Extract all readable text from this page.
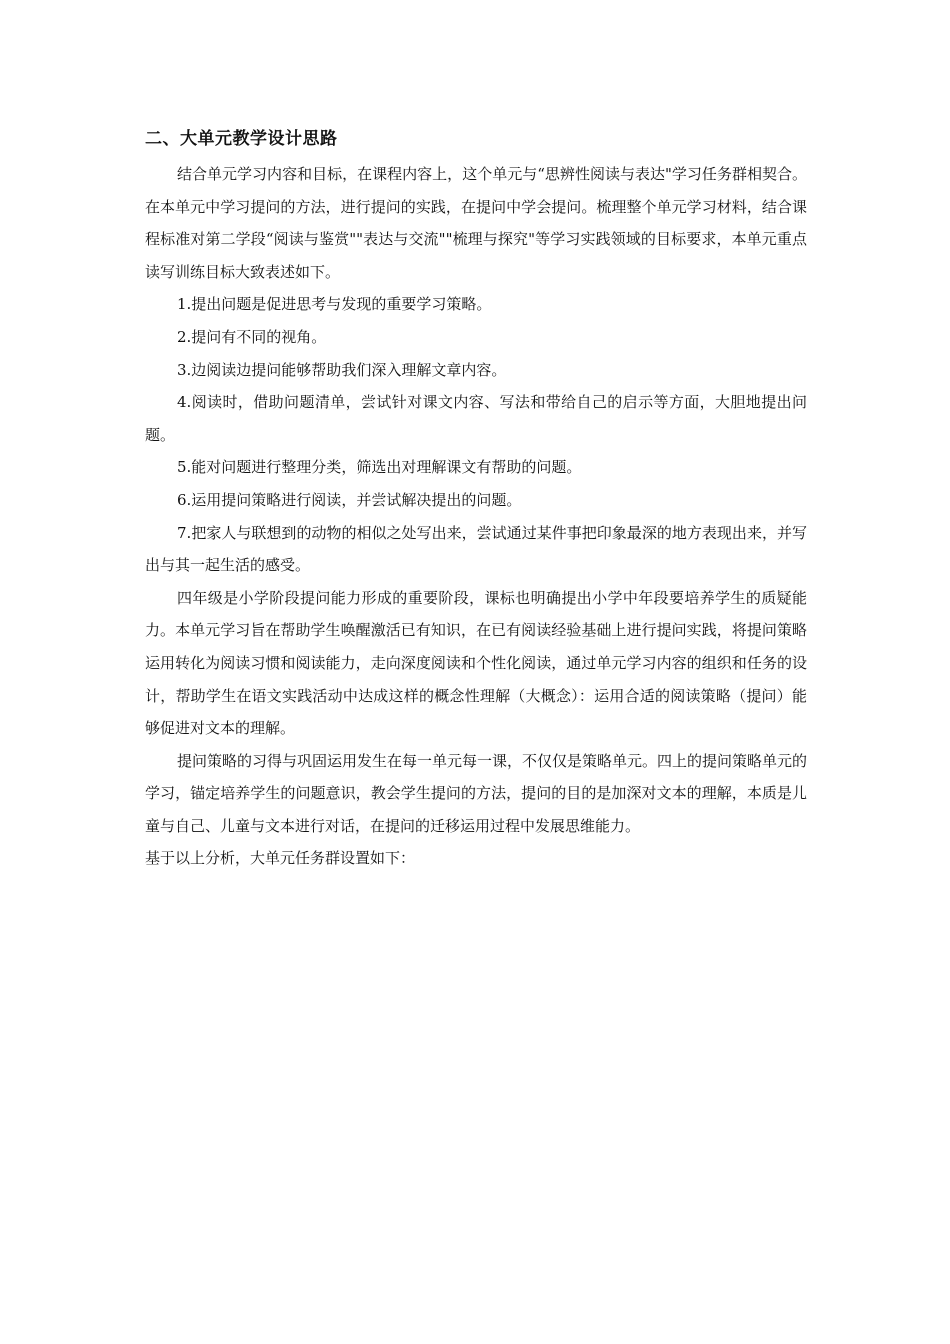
二、大单元教学设计思路

结合单元学习内容和目标，在课程内容上，这个单元与“思辨性阅读与表达"学习任务群相契合。在本单元中学习提问的方法，进行提问的实践，在提问中学会提问。梳理整个单元学习材料，结合课程标准对第二学段“阅读与鉴赏""表达与交流""梳理与探究"等学习实践领域的目标要求，本单元重点读写训练目标大致表述如下。

1.提出问题是促进思考与发现的重要学习策略。

2.提问有不同的视角。

3.边阅读边提问能够帮助我们深入理解文章内容。

4.阅读时，借助问题清单，尝试针对课文内容、写法和带给自己的启示等方面，大胆地提出问题。

5.能对问题进行整理分类，筛选出对理解课文有帮助的问题。

6.运用提问策略进行阅读，并尝试解决提出的问题。

7.把家人与联想到的动物的相似之处写出来，尝试通过某件事把印象最深的地方表现出来，并写出与其一起生活的感受。

四年级是小学阶段提问能力形成的重要阶段，课标也明确提出小学中年段要培养学生的质疑能力。本单元学习旨在帮助学生唤醒激活已有知识，在已有阅读经验基础上进行提问实践，将提问策略运用转化为阅读习惯和阅读能力，走向深度阅读和个性化阅读，通过单元学习内容的组织和任务的设计，帮助学生在语文实践活动中达成这样的概念性理解（大概念）：运用合适的阅读策略（提问）能够促进对文本的理解。

提问策略的习得与巩固运用发生在每一单元每一课，不仅仅是策略单元。四上的提问策略单元的学习，锚定培养学生的问题意识，教会学生提问的方法，提问的目的是加深对文本的理解，本质是儿童与自己、儿童与文本进行对话，在提问的迁移运用过程中发展思维能力。

基于以上分析，大单元任务群设置如下：
